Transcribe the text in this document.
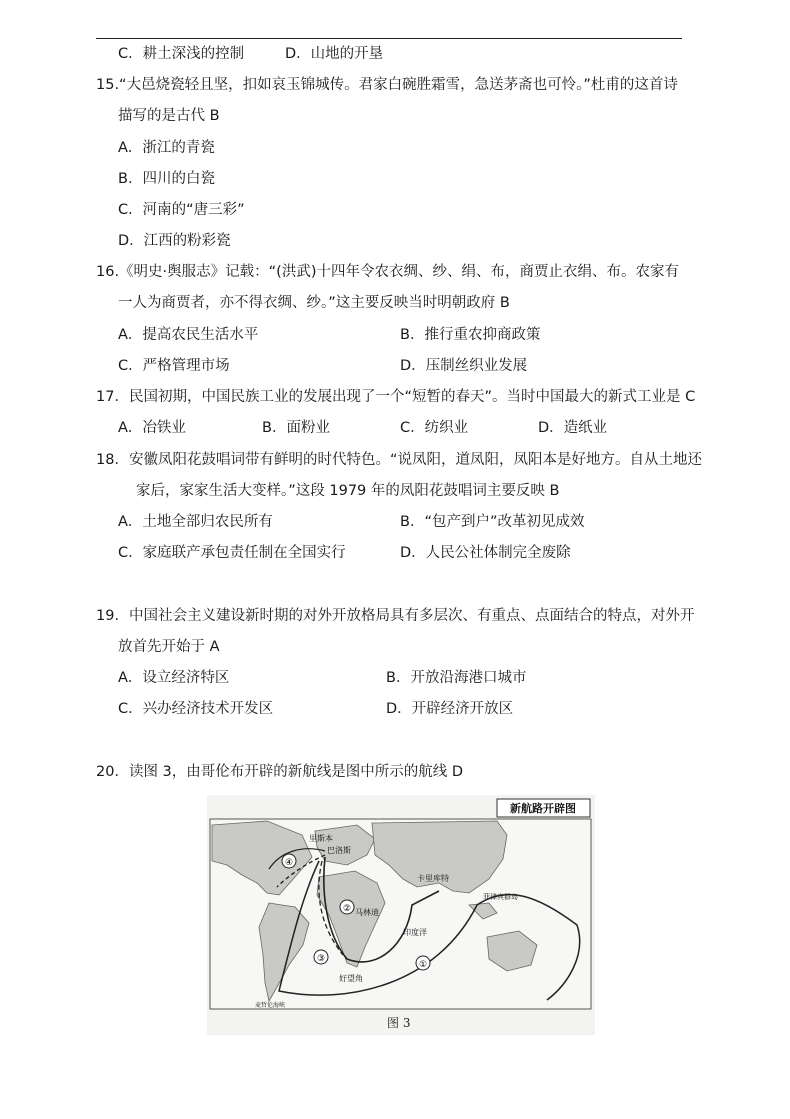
C．耕土深浅的控制	D．山地的开垦
15.“大邑烧瓷轻且坚，扣如哀玉锦城传。君家白碗胜霜雪，急送茅斋也可怜。”杜甫的这首诗
描写的是古代 B
A．浙江的青瓷
B．四川的白瓷
C．河南的“唐三彩”
D．江西的粉彩瓷
16.《明史·舆服志》记载：“(洪武)十四年令农衣绸、纱、绢、布，商贾止衣绢、布。农家有
一人为商贾者，亦不得衣绸、纱。”这主要反映当时明朝政府 B
A．提高农民生活水平	B．推行重农抑商政策
C．严格管理市场	D．压制丝织业发展
17．民国初期，中国民族工业的发展出现了一个“短暂的春天”。当时中国最大的新式工业是 C
A．冶铁业	B．面粉业	C．纺织业	D．造纸业
18．安徽凤阳花鼓唱词带有鲜明的时代特色。“说凤阳，道凤阳，凤阳本是好地方。自从土地还
家后，家家生活大变样。”这段 1979 年的凤阳花鼓唱词主要反映 B
A．土地全部归农民所有	B．“包产到户”改革初见成效
C．家庭联产承包责任制在全国实行	D．人民公社体制完全废除
19．中国社会主义建设新时期的对外开放格局具有多层次、有重点、点面结合的特点，对外开
放首先开始于 A
A．设立经济特区	B．开放沿海港口城市
C．兴办经济技术开发区	D．开辟经济开放区
20．读图 3，由哥伦布开辟的新航线是图中所示的航线 D
新航路开辟图
④
②
③
①
里斯本
巴洛斯
卡里库特
马林迪
好望角
菲律宾群岛
麦哲伦海峡
印度洋
图 3
